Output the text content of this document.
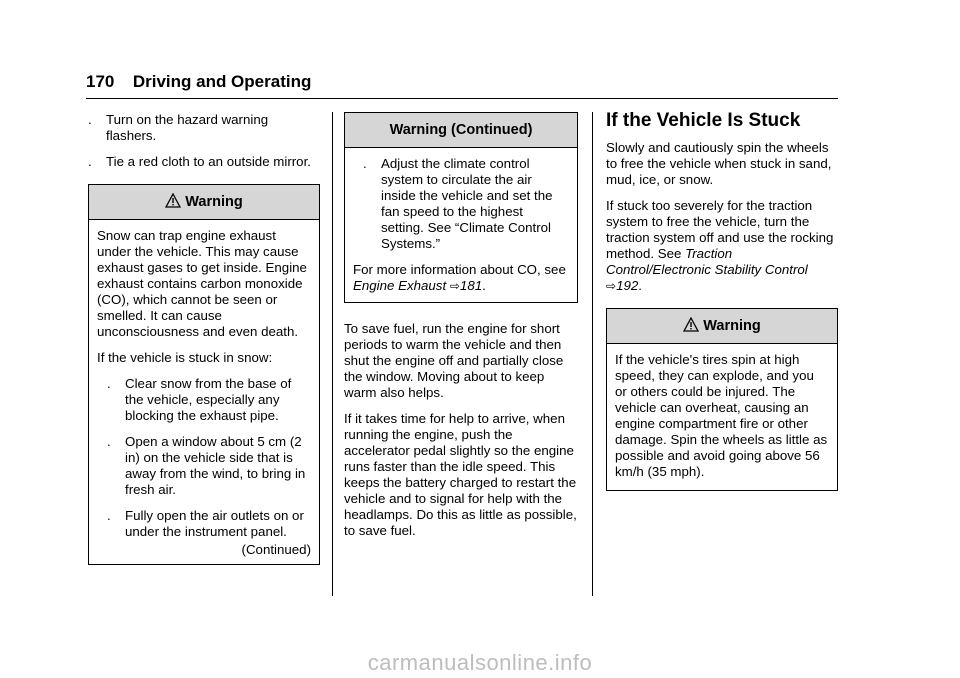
170 Driving and Operating
. Turn on the hazard warning flashers.
. Tie a red cloth to an outside mirror.
Warning

Snow can trap engine exhaust under the vehicle. This may cause exhaust gases to get inside. Engine exhaust contains carbon monoxide (CO), which cannot be seen or smelled. It can cause unconsciousness and even death.

If the vehicle is stuck in snow:

. Clear snow from the base of the vehicle, especially any blocking the exhaust pipe.
. Open a window about 5 cm (2 in) on the vehicle side that is away from the wind, to bring in fresh air.
. Fully open the air outlets on or under the instrument panel.
(Continued)
Warning (Continued)
. Adjust the climate control system to circulate the air inside the vehicle and set the fan speed to the highest setting. See “Climate Control Systems.”

For more information about CO, see Engine Exhaust ⇨181.

To save fuel, run the engine for short periods to warm the vehicle and then shut the engine off and partially close the window. Moving about to keep warm also helps.

If it takes time for help to arrive, when running the engine, push the accelerator pedal slightly so the engine runs faster than the idle speed. This keeps the battery charged to restart the vehicle and to signal for help with the headlamps. Do this as little as possible, to save fuel.

If the Vehicle Is Stuck

Slowly and cautiously spin the wheels to free the vehicle when stuck in sand, mud, ice, or snow.

If stuck too severely for the traction system to free the vehicle, turn the traction system off and use the rocking method. See Traction Control/Electronic Stability Control ⇨192.

Warning

If the vehicle's tires spin at high speed, they can explode, and you or others could be injured. The vehicle can overheat, causing an engine compartment fire or other damage. Spin the wheels as little as possible and avoid going above 56 km/h (35 mph).

carmanualsonline.info
